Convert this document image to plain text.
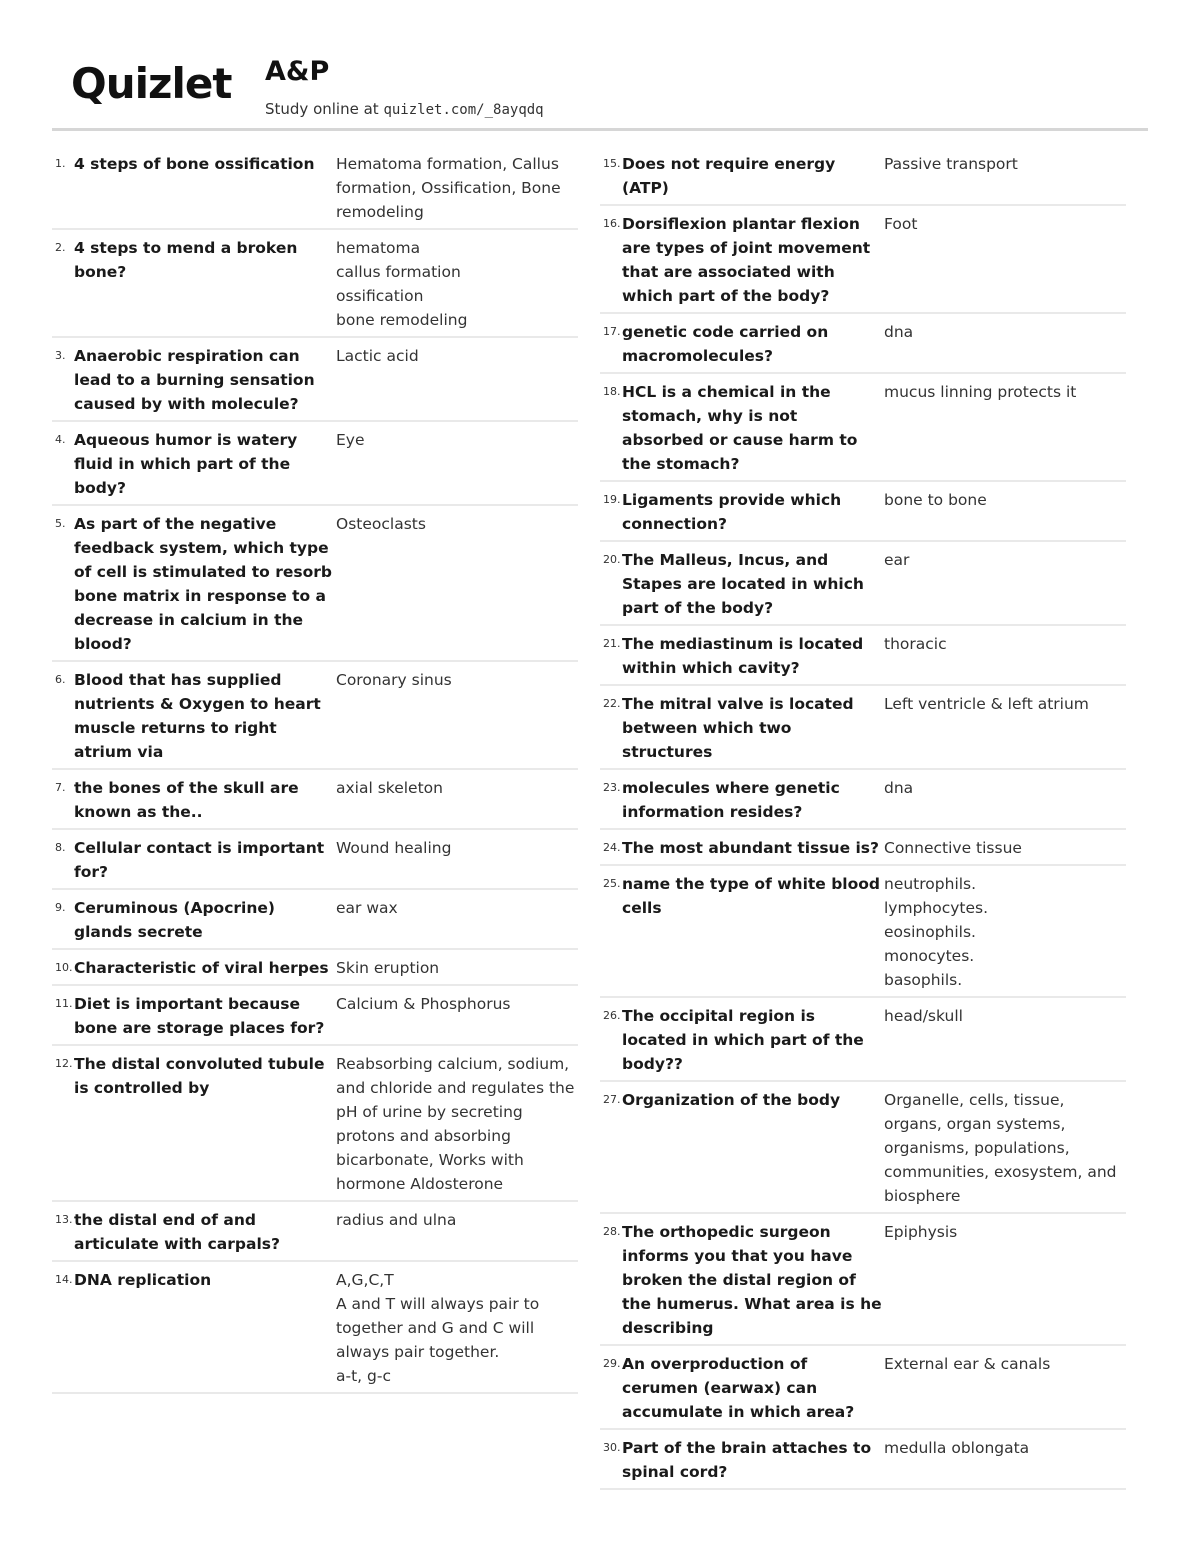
Quizlet A&P
Study online at quizlet.com/_8ayqdq
1. 4 steps of bone ossification	Hematoma formation, Callus formation, Ossification, Bone remodeling
2. 4 steps to mend a broken bone?
hematoma
callus formation
ossification
bone remodeling
3. Anaerobic respiration can lead to a burning sensation caused by with molecule?
Lactic acid
4. Aqueous humor is watery fluid in which part of the body?
Eye
5. As part of the negative feedback system, which type of cell is stimulated to resorb bone matrix in response to a decrease in calcium in the blood?
Osteoclasts
6. Blood that has supplied nutrients & Oxygen to heart muscle returns to right atrium via
Coronary sinus
7. the bones of the skull are known as the..
axial skeleton
8. Cellular contact is important for?
Wound healing
9. Ceruminous (Apocrine) glands secrete
ear wax
10. Characteristic of viral herpes Skin eruption
11. Diet is important because bone are storage places for?
Calcium & Phosphorus
12. The distal convoluted tubule is controlled by
Reabsorbing calcium, sodium, and chloride and regulates the pH of urine by secreting protons and absorbing bicarbonate, Works with hormone Aldosterone
13. the distal end of and articulate with carpals?
radius and ulna
14. DNA replication	A,G,C,T
A and T will always pair to together and G and C will always pair together.
a-t, g-c
15. Does not require energy (ATP)
Passive transport
16. Dorsiflexion plantar flexion are types of joint movement that are associated with which part of the body?
Foot
17. genetic code carried on macromolecules?
dna
18. HCL is a chemical in the stomach, why is not absorbed or cause harm to the stomach?
mucus linning protects it
19. Ligaments provide which connection?
bone to bone
20. The Malleus, Incus, and Stapes are located in which part of the body?
ear
21. The mediastinum is located within which cavity?
thoracic
22. The mitral valve is located between which two structures
Left ventricle & left atrium
23. molecules where genetic information resides?
dna
24. The most abundant tissue is? Connective tissue
25. name the type of white blood cells
neutrophils.
lymphocytes.
eosinophils.
monocytes.
basophils.
26. The occipital region is located in which part of the body??
head/skull
27. Organization of the body	Organelle, cells, tissue, organs, organ systems, organisms, populations, communities, exosystem, and biosphere
28. The orthopedic surgeon informs you that you have broken the distal region of the humerus. What area is he describing
Epiphysis
29. An overproduction of cerumen (earwax) can accumulate in which area?
External ear & canals
30. Part of the brain attaches to spinal cord?
medulla oblongata
